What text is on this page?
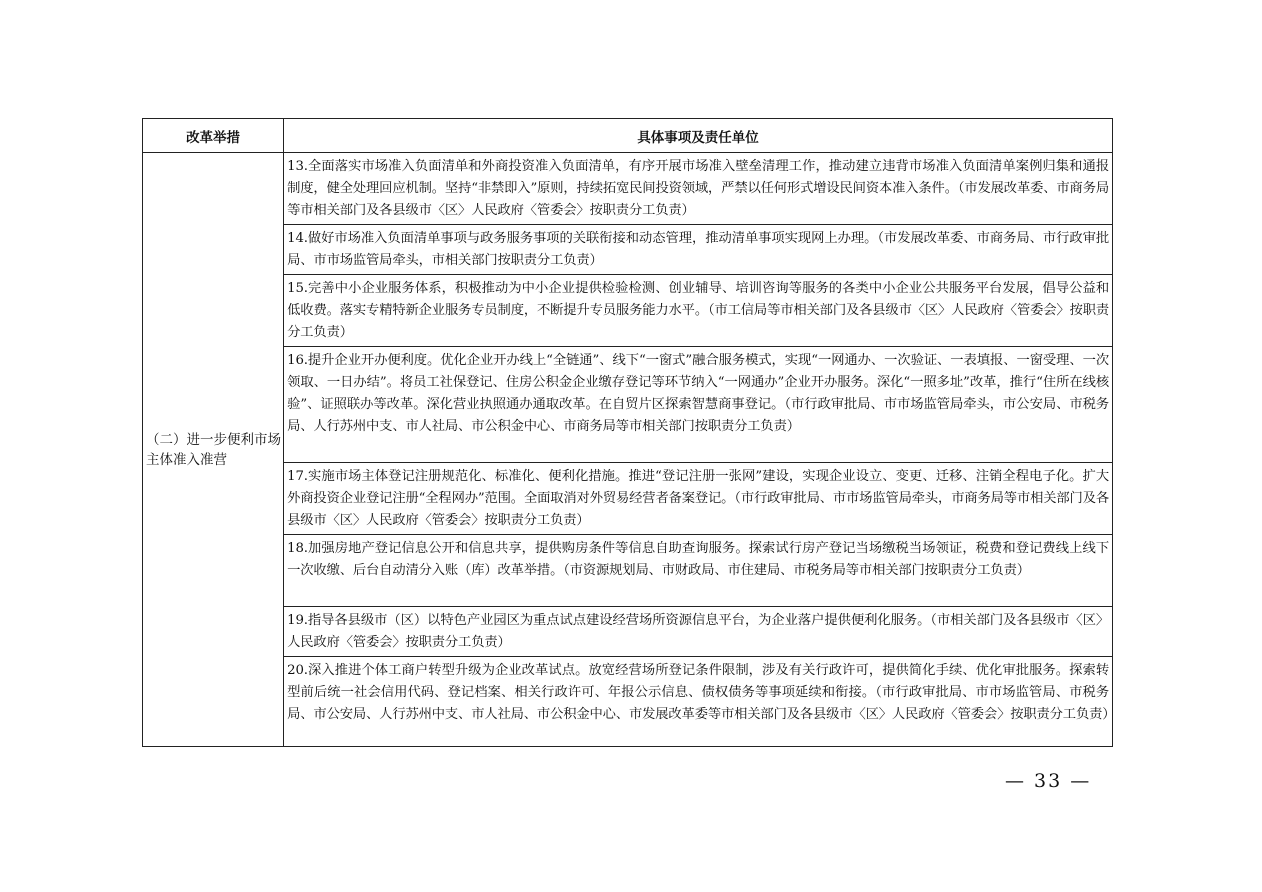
改革举措	具体事项及责任单位
（二）进一步便利市场主体准入准营	13.全面落实市场准入负面清单和外商投资准入负面清单，有序开展市场准入壁垒清理工作，推动建立违背市场准入负面清单案例归集和通报制度，健全处理回应机制。坚持“非禁即入”原则，持续拓宽民间投资领域，严禁以任何形式增设民间资本准入条件。（市发展改革委、市商务局等市相关部门及各县级市〈区〉人民政府〈管委会〉按职责分工负责）
	14.做好市场准入负面清单事项与政务服务事项的关联衔接和动态管理，推动清单事项实现网上办理。（市发展改革委、市商务局、市行政审批局、市市场监管局牵头，市相关部门按职责分工负责）
	15.完善中小企业服务体系，积极推动为中小企业提供检验检测、创业辅导、培训咨询等服务的各类中小企业公共服务平台发展，倡导公益和低收费。落实专精特新企业服务专员制度，不断提升专员服务能力水平。（市工信局等市相关部门及各县级市〈区〉人民政府〈管委会〉按职责分工负责）
	16.提升企业开办便利度。优化企业开办线上“全链通”、线下“一窗式”融合服务模式，实现“一网通办、一次验证、一表填报、一窗受理、一次领取、一日办结”。将员工社保登记、住房公积金企业缴存登记等环节纳入“一网通办”企业开办服务。深化“一照多址”改革，推行“住所在线核验”、证照联办等改革。深化营业执照通办通取改革。在自贸片区探索智慧商事登记。（市行政审批局、市市场监管局牵头，市公安局、市税务局、人行苏州中支、市人社局、市公积金中心、市商务局等市相关部门按职责分工负责）
	17.实施市场主体登记注册规范化、标准化、便利化措施。推进“登记注册一张网”建设，实现企业设立、变更、迁移、注销全程电子化。扩大外商投资企业登记注册“全程网办”范围。全面取消对外贸易经营者备案登记。（市行政审批局、市市场监管局牵头，市商务局等市相关部门及各县级市〈区〉人民政府〈管委会〉按职责分工负责）
	18.加强房地产登记信息公开和信息共享，提供购房条件等信息自助查询服务。探索试行房产登记当场缴税当场领证，税费和登记费线上线下一次收缴、后台自动清分入账（库）改革举措。（市资源规划局、市财政局、市住建局、市税务局等市相关部门按职责分工负责）
	19.指导各县级市（区）以特色产业园区为重点试点建设经营场所资源信息平台，为企业落户提供便利化服务。（市相关部门及各县级市〈区〉人民政府〈管委会〉按职责分工负责）
	20.深入推进个体工商户转型升级为企业改革试点。放宽经营场所登记条件限制，涉及有关行政许可，提供简化手续、优化审批服务。探索转型前后统一社会信用代码、登记档案、相关行政许可、年报公示信息、债权债务等事项延续和衔接。（市行政审批局、市市场监管局、市税务局、市公安局、人行苏州中支、市人社局、市公积金中心、市发展改革委等市相关部门及各县级市〈区〉人民政府〈管委会〉按职责分工负责）
— 33 —
